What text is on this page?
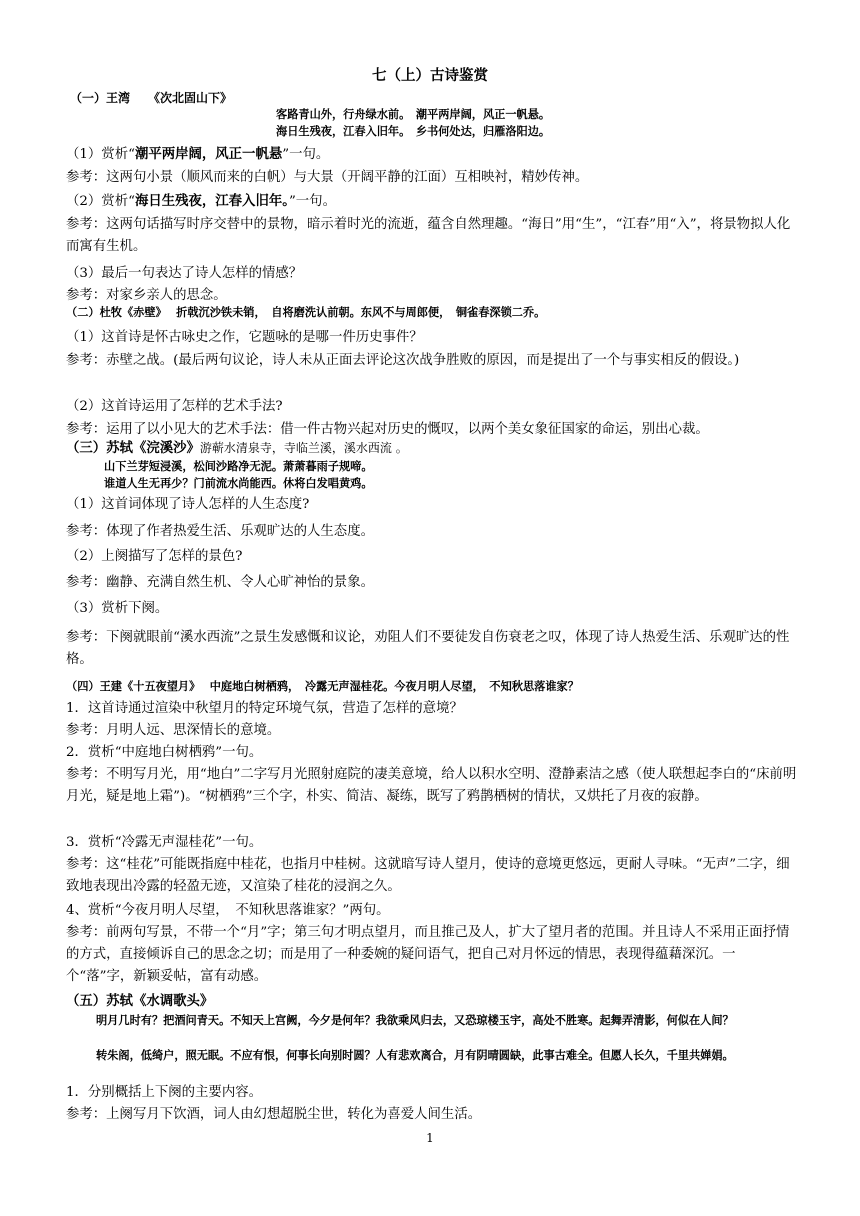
七（上）古诗鉴赏
（一）王湾　　《次北固山下》
客路青山外，行舟绿水前。　潮平两岸阔，风正一帆悬。
海日生残夜，江春入旧年。　乡书何处达，归雁洛阳边。
（1）赏析“潮平两岸阔，风正一帆悬”一句。
参考：这两句小景（顺风而来的白帆）与大景（开阔平静的江面）互相映衬，精妙传神。
（2）赏析“海日生残夜，江春入旧年。”一句。
参考：这两句话描写时序交替中的景物，暗示着时光的流逝，蕴含自然理趣。“海日”用“生”，“江春”用“入”，将景物拟人化而寓有生机。
（3）最后一句表达了诗人怎样的情感？
参考：对家乡亲人的思念。
（二）杜牧《赤壁》　 折戟沉沙铁未销，　自将磨洗认前朝。东风不与周郎便，　铜雀春深锁二乔。
（1）这首诗是怀古咏史之作，它题咏的是哪一件历史事件？
参考：赤壁之战。(最后两句议论，诗人未从正面去评论这次战争胜败的原因，而是提出了一个与事实相反的假设。)
（2）这首诗运用了怎样的艺术手法?
参考：运用了以小见大的艺术手法：借一件古物兴起对历史的慨叹，以两个美女象征国家的命运，别出心裁。
（三）苏轼《浣溪沙》游蕲水清泉寺，寺临兰溪，溪水西流 。
山下兰芽短浸溪，松间沙路净无泥。萧萧暮雨子规啼。
谁道人生无再少？门前流水尚能西。休将白发唱黄鸡。
（1）这首词体现了诗人怎样的人生态度?
参考：体现了作者热爱生活、乐观旷达的人生态度。
（2）上阕描写了怎样的景色?
参考：幽静、充满自然生机、令人心旷神怡的景象。
（3）赏析下阕。
参考：下阕就眼前“溪水西流”之景生发感慨和议论，劝阻人们不要徒发自伤衰老之叹，体现了诗人热爱生活、乐观旷达的性格。
（四）王建《十五夜望月》　 中庭地白树栖鸦，　冷露无声湿桂花。今夜月明人尽望，　不知秋思落谁家？
1．这首诗通过渲染中秋望月的特定环境气氛，营造了怎样的意境？
参考：月明人远、思深情长的意境。
2．赏析“中庭地白树栖鸦”一句。
参考：不明写月光，用“地白”二字写月光照射庭院的凄美意境，给人以积水空明、澄静素洁之感（使人联想起李白的“床前明月光，疑是地上霜”)。“树栖鸦”三个字，朴实、简洁、凝练，既写了鸦鹊栖树的情状，又烘托了月夜的寂静。
3．赏析“冷露无声湿桂花”一句。
参考：这“桂花”可能既指庭中桂花，也指月中桂树。这就暗写诗人望月，使诗的意境更悠远，更耐人寻味。“无声”二字，细致地表现出冷露的轻盈无迹，又渲染了桂花的浸润之久。
4、赏析“今夜月明人尽望，　不知秋思落谁家？”两句。
参考：前两句写景，不带一个“月”字；第三句才明点望月，而且推己及人，扩大了望月者的范围。并且诗人不采用正面抒情的方式，直接倾诉自己的思念之切；而是用了一种委婉的疑问语气，把自己对月怀远的情思，表现得蕴藉深沉。一个“落”字，新颖妥帖，富有动感。
（五）苏轼《水调歌头》
明月几时有？把酒问青天。不知天上宫阙，今夕是何年？我欲乘风归去，又恐琼楼玉宇，高处不胜寒。起舞弄清影，何似在人间？
转朱阁，低绮户，照无眠。不应有恨，何事长向别时圆？人有悲欢离合，月有阴晴圆缺，此事古难全。但愿人长久，千里共婵娟。
1．分别概括上下阕的主要内容。
参考：上阕写月下饮酒，词人由幻想超脱尘世，转化为喜爱人间生活。
1
